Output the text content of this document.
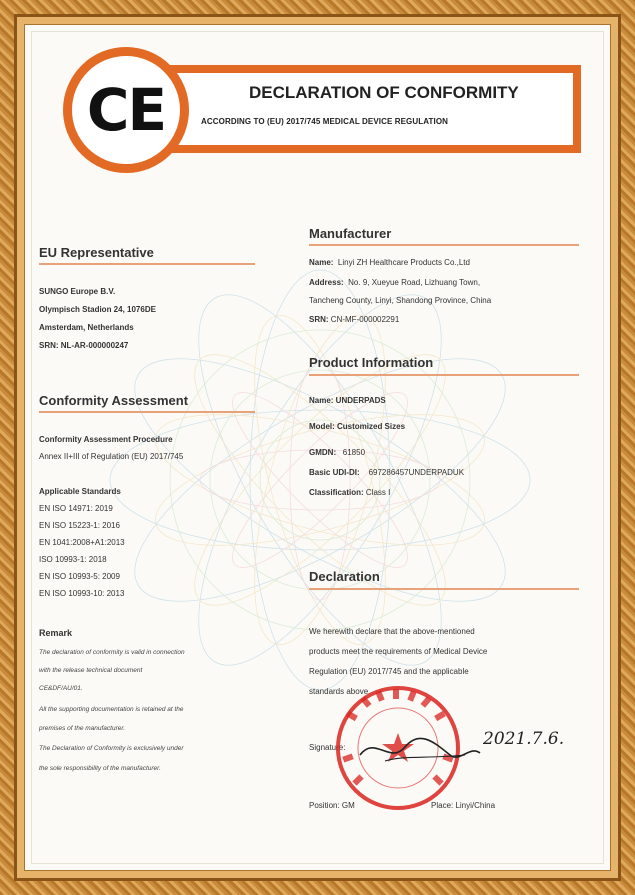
DECLARATION OF CONFORMITY
ACCORDING TO (EU) 2017/745 MEDICAL DEVICE REGULATION
CE
EU Representative
SUNGO Europe B.V.
Olympisch Stadion 24, 1076DE
Amsterdam, Netherlands
SRN: NL-AR-000000247
Manufacturer
Name: Linyi ZH Healthcare Products Co.,Ltd
Address: No. 9, Xueyue Road, Lizhuang Town,
Tancheng County, Linyi, Shandong Province, China
SRN: CN-MF-000002291
Product Information
Name: UNDERPADS
Model: Customized Sizes
GMDN: 61850
Basic UDI-DI: 697286457UNDERPADUK
Classification: Class I
Conformity Assessment
Conformity Assessment Procedure
Annex II+III of Regulation (EU) 2017/745
Applicable Standards
EN ISO 14971: 2019
EN ISO 15223-1: 2016
EN 1041:2008+A1:2013
ISO 10993-1: 2018
EN ISO 10993-5: 2009
EN ISO 10993-10: 2013
Remark
The declaration of conformity is valid in connection
with the release technical document
CE&DF/AU/01.
All the supporting documentation is retained at the
premises of the manufacturer.
The Declaration of Conformity is exclusively under
the sole responsibility of the manufacturer.
Declaration
We herewith declare that the above-mentioned
products meet the requirements of Medical Device
Regulation (EU) 2017/745 and the applicable
standards above.
Signature:
Position: GM	Place: Linyi/China
2021.7.6.
